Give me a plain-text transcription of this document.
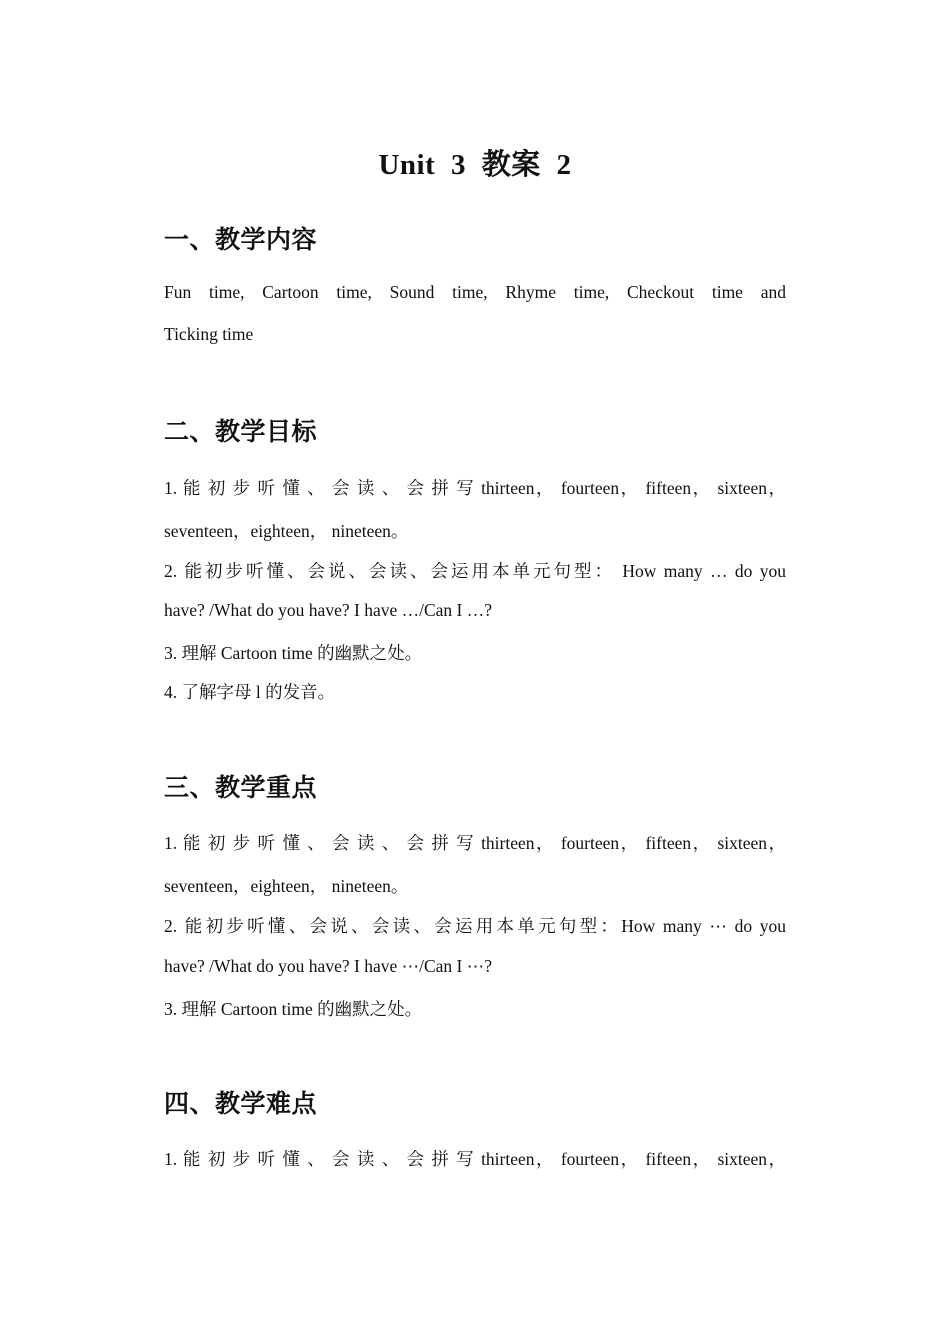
Unit 3 教案 2
一、教学内容
Fun time, Cartoon time, Sound time, Rhyme time, Checkout time and
Ticking time
二、教学目标
1. 能 初 步 听 懂 、 会 读 、 会 拼 写 thirteen， fourteen， fifteen， sixteen，
seventeen，eighteen， nineteen。
2. 能初步听懂、会说、会读、会运用本单元句型： How many … do you
have? /What do you have? I have …/Can I …?
3. 理解 Cartoon time 的幽默之处。
4. 了解字母 l 的发音。
三、教学重点
1. 能 初 步 听 懂 、 会 读 、 会 拼 写 thirteen， fourteen， fifteen， sixteen，
seventeen，eighteen， nineteen。
2. 能初步听懂、会说、会读、会运用本单元句型：How many ⋯ do you
have? /What do you have? I have ⋯/Can I ⋯?
3. 理解 Cartoon time 的幽默之处。
四、教学难点
1. 能 初 步 听 懂 、 会 读 、 会 拼 写 thirteen， fourteen， fifteen， sixteen，
